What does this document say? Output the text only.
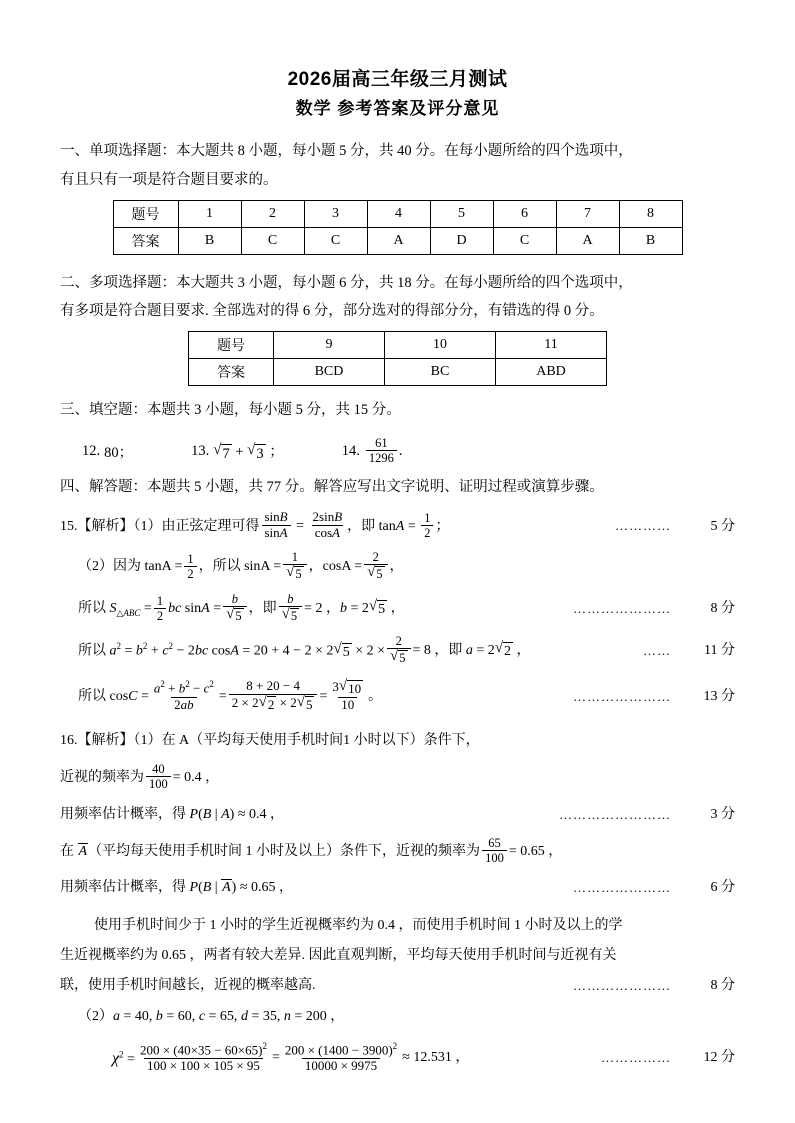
2026届高三年级三月测试
数学 参考答案及评分意见
一、单项选择题：本大题共 8 小题，每小题 5 分，共 40 分。在每小题所给的四个选项中，
有且只有一项是符合题目要求的。
题号	1	2	3	4	5	6	7	8
答案	B	C	C	A	D	C	A	B
二、多项选择题：本大题共 3 小题，每小题 6 分，共 18 分。在每小题所给的四个选项中，
有多项是符合题目要求. 全部选对的得 6 分，部分选对的得部分分，有错选的得 0 分。
题号	9	10	11
答案	BCD	BC	ABD
三、填空题：本题共 3 小题，每小题 5 分，共 15 分。
12. 80；	13. √ 7 + √ 3 ；	14. $\frac{61}{1296}$ .
四、解答题：本题共 5 小题，共 77 分。解答应写出文字说明、证明过程或演算步骤。
15.【解析】（1）由正弦定理可得 $\frac{\sin B}{\sin A} = \frac{2\sin B}{\cos A}$ ，即 $\tan A = \frac{1}{2}$ ；	…………	5 分
（2）因为 $\tan A = \frac{1}{2}$ ，所以 $\sin A = \frac{1}{√ 5}$ ，$\cos A = \frac{2}{√ 5}$ ，
所以 $S_{\triangle ABC} = \frac{1}{2}$ bc $\sin A = \frac{b}{√ 5}$ ，即 $\frac{b}{√ 5} = 2$ ，b = 2 √ 5 ，	…………………	8 分
所以 $a^2 = b^2 + c^2 - 2bc$ cosA = 20 + 4 − 2 × 2 √ $5 \times 2 \times \frac{2}{√ 5} = 8$ ，即 a = 2 √ 2 ，	……	11 分
所以 $\cos C = \frac{a^2 + b^2 - c^2}{2ab} = \frac{8 + 20 - 4}{2 \times 2 √ 2 \times 2 √ 5} = \frac{3 √ 10}{10}$ 。	…………………	13 分
16.【解析】（1）在 A（平均每天使用手机时间1 小时以下）条件下，
近视的频率为 $\frac{40}{100} = 0.4$ ，
用频率估计概率，得 P(B | A) ≈ 0.4 ，	……………………	3 分
在 A（平均每天使用手机时间 1 小时及以上）条件下，近视的频率为 $\frac{65}{100} = 0.65$ ，
用频率估计概率，得 P(B | A) ≈ 0.65 ，	…………………	6 分
使用手机时间少于 1 小时的学生近视概率约为 0.4 ，而使用手机时间 1 小时及以上的学
生近视概率约为 0.65 ，两者有较大差异. 因此直观判断，平均每天使用手机时间与近视有关
联，使用手机时间越长，近视的概率越高.	…………………	8 分
（2）a = 40, b = 60, c = 65, d = 35, n = 200 ，
$\chi^2 = \frac{200 \times (40\times 35 - 60\times 65)^2}{100 \times 100 \times 105 \times 95} = \frac{200 \times (1400 - 3900)^2}{10000 \times 9975} \approx 12.531$ ，	……………	12 分
